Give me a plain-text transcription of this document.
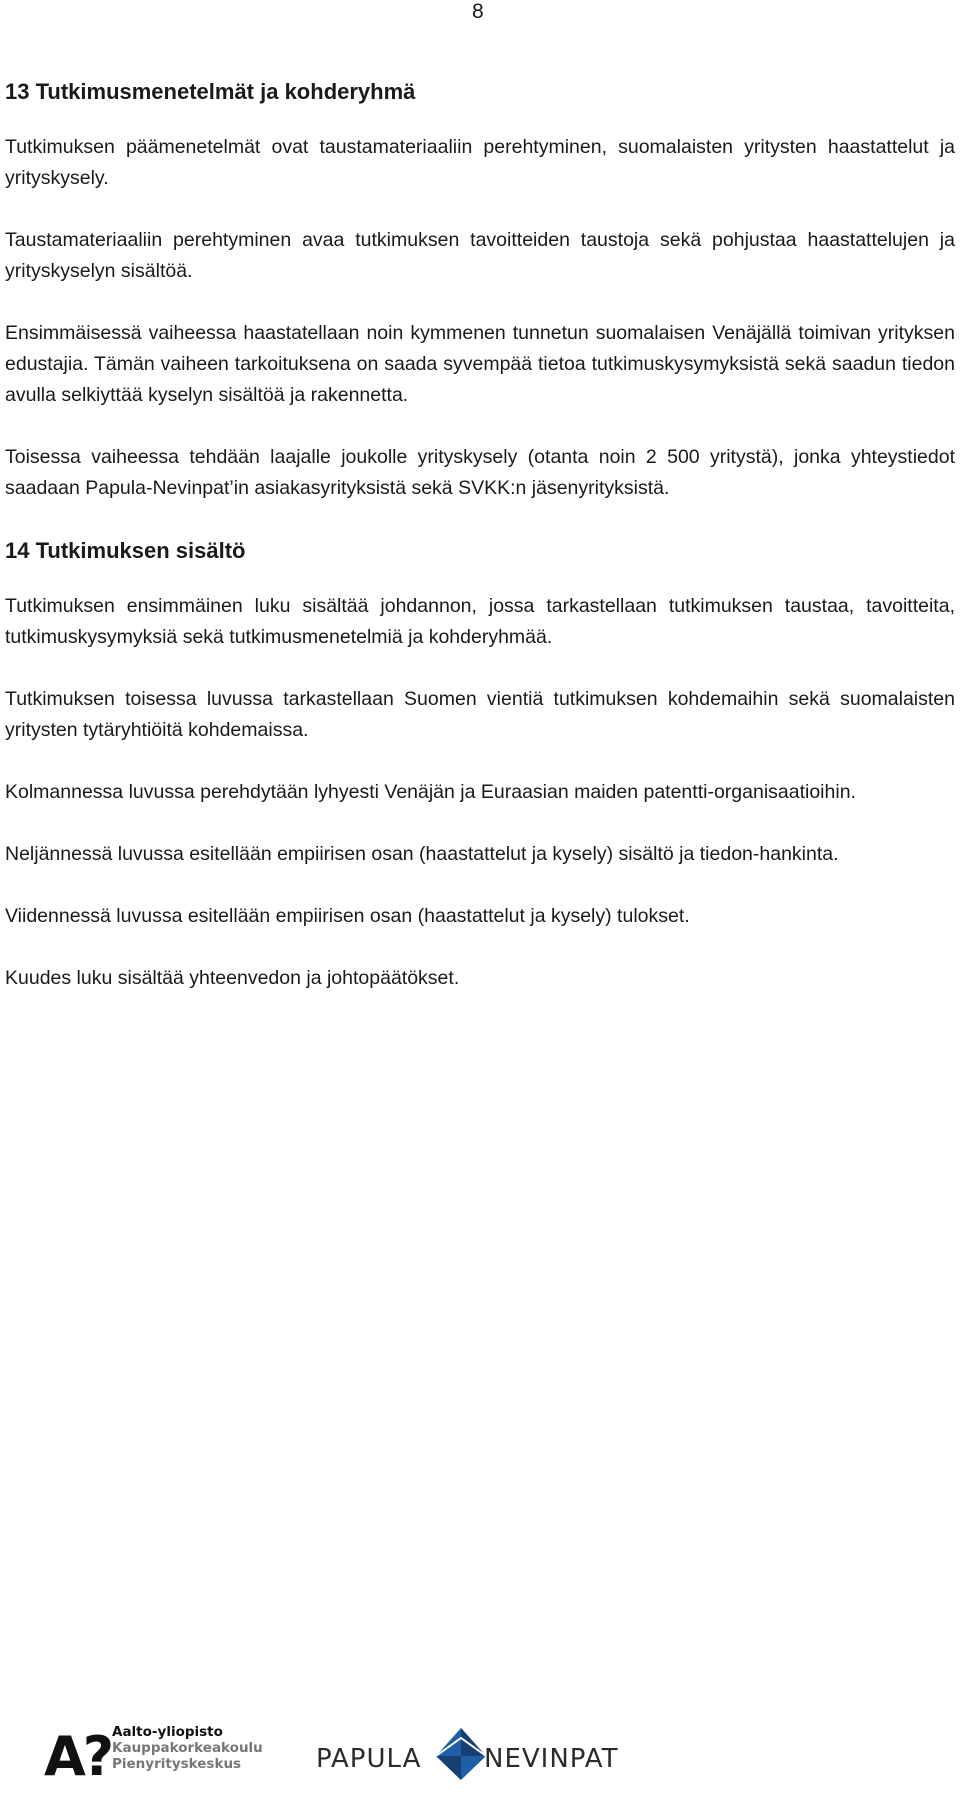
8
13 Tutkimusmenetelmät ja kohderyhmä

Tutkimuksen päämenetelmät ovat taustamateriaaliin perehtyminen, suomalaisten yritysten haastattelut ja yrityskysely.

Taustamateriaaliin perehtyminen avaa tutkimuksen tavoitteiden taustoja sekä pohjustaa haastattelujen ja yrityskyselyn sisältöä.

Ensimmäisessä vaiheessa haastatellaan noin kymmenen tunnetun suomalaisen Venäjällä toimivan yrityksen edustajia. Tämän vaiheen tarkoituksena on saada syvempää tietoa tutkimuskysymyksistä sekä saadun tiedon avulla selkiyttää kyselyn sisältöä ja rakennetta.

Toisessa vaiheessa tehdään laajalle joukolle yrityskysely (otanta noin 2 500 yritystä), jonka yhteystiedot saadaan Papula-Nevinpat’in asiakasyrityksistä sekä SVKK:n jäsenyrityksistä.

14 Tutkimuksen sisältö

Tutkimuksen ensimmäinen luku sisältää johdannon, jossa tarkastellaan tutkimuksen taustaa, tavoitteita, tutkimuskysymyksiä sekä tutkimusmenetelmiä ja kohderyhmää.

Tutkimuksen toisessa luvussa tarkastellaan Suomen vientiä tutkimuksen kohdemaihin sekä suomalaisten yritysten tytäryhtiöitä kohdemaissa.

Kolmannessa luvussa perehdytään lyhyesti Venäjän ja Euraasian maiden patentti-organisaatioihin.

Neljännessä luvussa esitellään empiirisen osan (haastattelut ja kysely) sisältö ja tiedon-hankinta.

Viidennessä luvussa esitellään empiirisen osan (haastattelut ja kysely) tulokset.

Kuudes luku sisältää yhteenvedon ja johtopäätökset.

A? Aalto-yliopisto
Kauppakorkeakoulu
Pienyrityskeskus	PAPULA NEVINPAT
